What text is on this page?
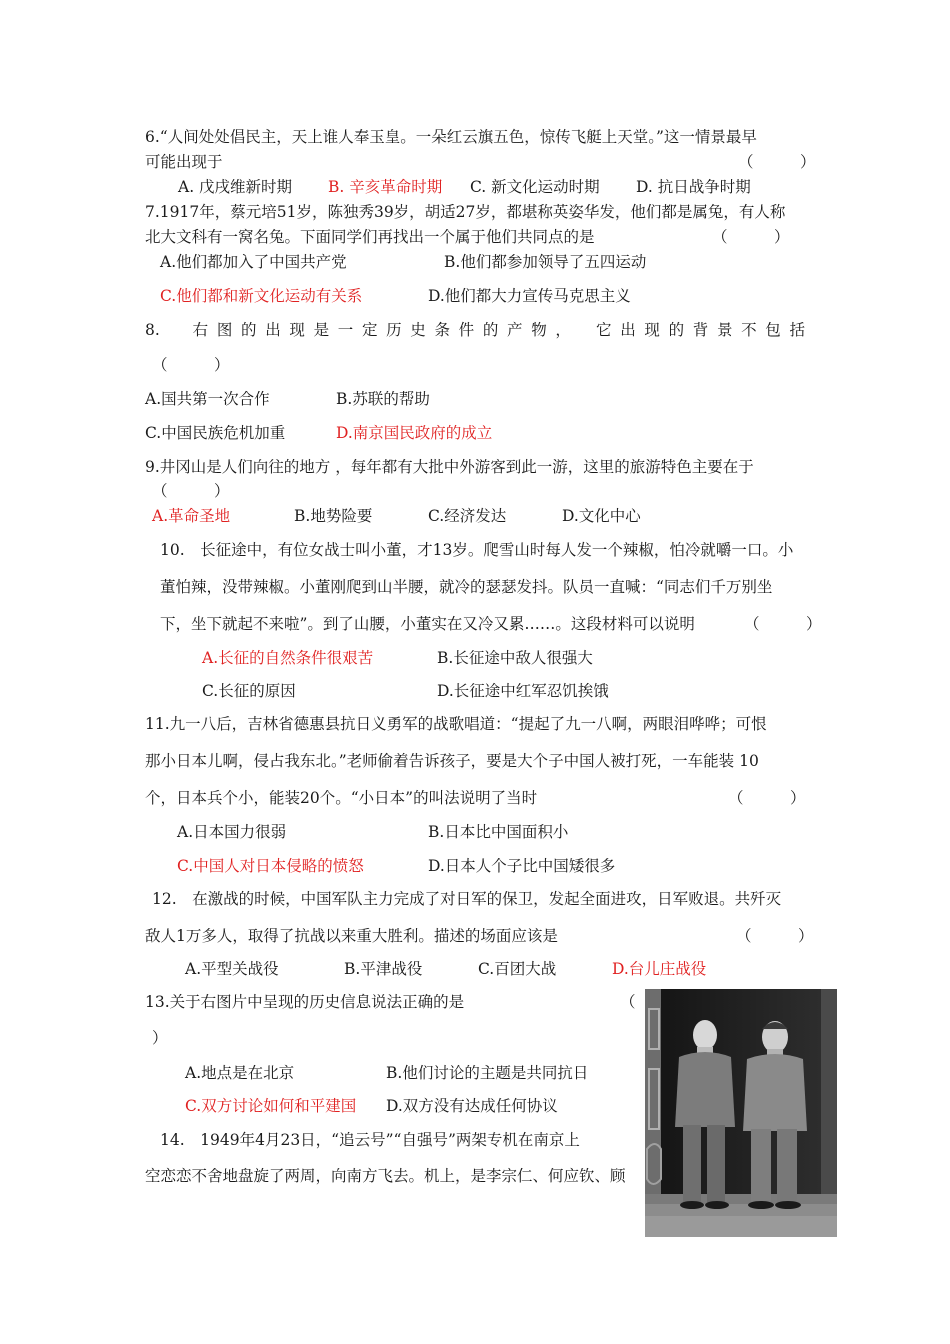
6.“人间处处倡民主，天上谁人奉玉皇。一朵红云旗五色，惊传飞艇上天堂。”这一情景最早
可能出现于	（　　　）
A. 戊戌维新时期 B. 辛亥革命时期 C. 新文化运动时期 D. 抗日战争时期
7.1917年，蔡元培51岁，陈独秀39岁，胡适27岁，都堪称英姿华发，他们都是属兔，有人称
北大文科有一窝名兔。下面同学们再找出一个属于他们共同点的是	（　　　）
A.他们都加入了中国共产党	B.他们都参加领导了五四运动
C.他们都和新文化运动有关系	D.他们都大力宣传马克思主义
8.　右图的出现是一定历史条件的产物，　它出现的背景不包括
（　　　）
A.国共第一次合作	B.苏联的帮助
C.中国民族危机加重	D.南京国民政府的成立
9.井冈山是人们向往的地方 ，每年都有大批中外游客到此一游，这里的旅游特色主要在于
（　　　）
A.革命圣地	B.地势险要	C.经济发达	D.文化中心
10.　长征途中，有位女战士叫小董，才13岁。爬雪山时每人发一个辣椒，怕冷就嚼一口。小
董怕辣，没带辣椒。小董刚爬到山半腰，就冷的瑟瑟发抖。队员一直喊：“同志们千万别坐
下，坐下就起不来啦”。到了山腰，小董实在又冷又累……。这段材料可以说明	（　　　）
A.长征的自然条件很艰苦	B.长征途中敌人很强大
C.长征的原因	D.长征途中红军忍饥挨饿
11.九一八后，吉林省德惠县抗日义勇军的战歌唱道：“提起了九一八啊，两眼泪哗哗；可恨
那小日本儿啊，侵占我东北。”老师偷着告诉孩子，要是大个子中国人被打死，一车能装 10
个，日本兵个小，能装20个。“小日本”的叫法说明了当时	（　　　）
A.日本国力很弱	B.日本比中国面积小
C.中国人对日本侵略的愤怒	D.日本人个子比中国矮很多
12.　在激战的时候，中国军队主力完成了对日军的保卫，发起全面进攻，日军败退。共歼灭
敌人1万多人，取得了抗战以来重大胜利。描述的场面应该是	（　　　）
A.平型关战役	B.平津战役	C.百团大战	D.台儿庄战役
13.关于右图片中呈现的历史信息说法正确的是	（
）
A.地点是在北京	B.他们讨论的主题是共同抗日
C.双方讨论如何和平建国 D.双方没有达成任何协议
14.　1949年4月23日，“追云号”“自强号”两架专机在南京上
空恋恋不舍地盘旋了两周，向南方飞去。机上，是李宗仁、何应钦、顾
